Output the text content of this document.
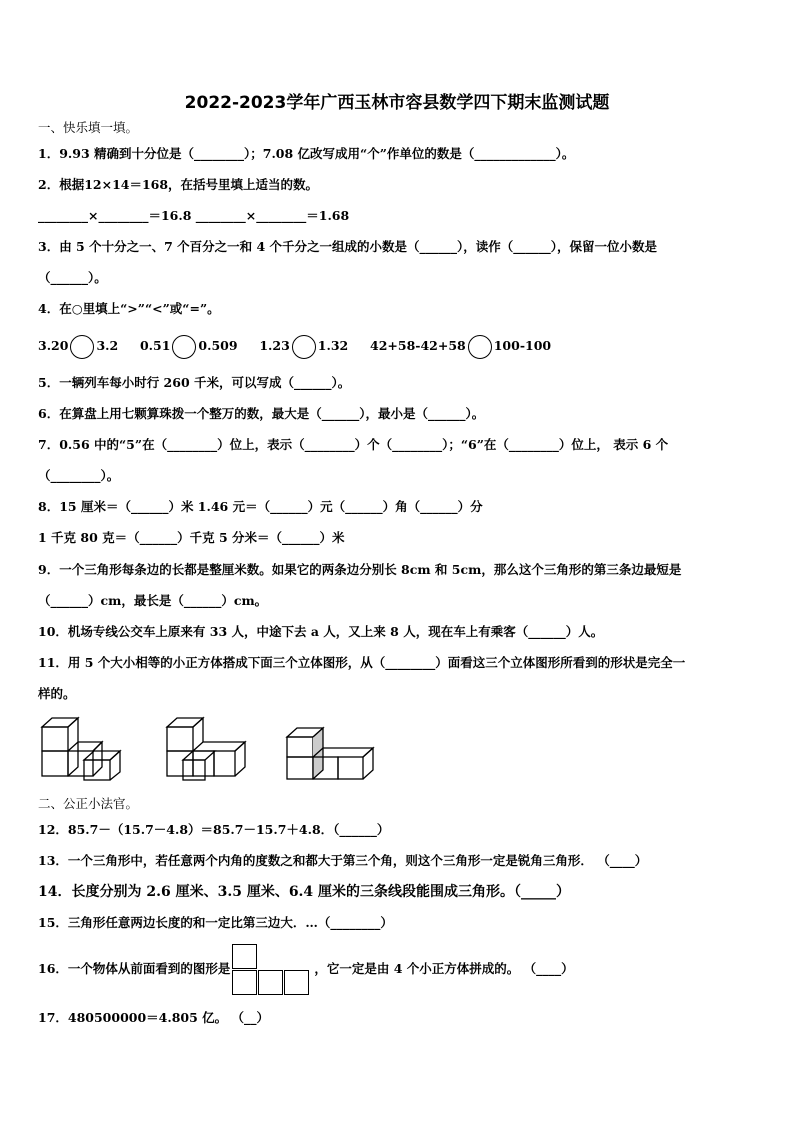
2022-2023学年广西玉林市容县数学四下期末监测试题
一、快乐填一填。
1．9.93 精确到十分位是（________）；7.08 亿改写成用“个”作单位的数是（_____________）。
2．根据12×14＝168，在括号里填上适当的数。
________×________＝16.8 ________×________＝1.68
3．由 5 个十分之一、7 个百分之一和 4 个千分之一组成的小数是（______），读作（______），保留一位小数是
（______）。
4．在○里填上“>”“<”或“=”。
3.20 3.2 0.51 0.509 1.23 1.32 42+58-42+58 100-100
5．一辆列车每小时行 260 千米，可以写成（______）。
6．在算盘上用七颗算珠拨一个整万的数，最大是（______），最小是（______）。
7．0.56 中的“5”在（________）位上，表示（________）个（________）；“6”在（________）位上， 表示 6 个
（________）。
8．15 厘米＝（______）米 1.46 元＝（______）元（______）角（______）分
1 千克 80 克＝（______）千克 5 分米＝（______）米
9．一个三角形每条边的长都是整厘米数。如果它的两条边分别长 8cm 和 5cm，那么这个三角形的第三条边最短是
（______）cm，最长是（______）cm。
10．机场专线公交车上原来有 33 人，中途下去 a 人，又上来 8 人，现在车上有乘客（______）人。
11．用 5 个大小相等的小正方体搭成下面三个立体图形，从（________）面看这三个立体图形所看到的形状是完全一
样的。
二、公正小法官。
12．85.7－（15.7－4.8）＝85.7－15.7＋4.8．（______）
13．一个三角形中，若任意两个内角的度数之和都大于第三个角，则这个三角形一定是锐角三角形． （____）
14．长度分别为 2.6 厘米、3.5 厘米、6.4 厘米的三条线段能围成三角形。（_____）
15．三角形任意两边长度的和一定比第三边大．…（________）
16．一个物体从前面看到的图形是	，它一定是由 4 个小正方体拼成的。 （____）
17．480500000＝4.805 亿。 （__）
